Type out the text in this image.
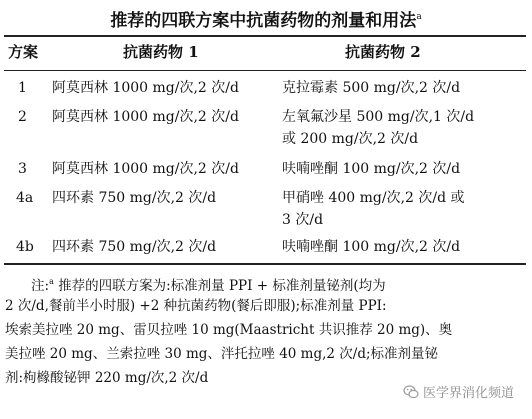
推荐的四联方案中抗菌药物的剂量和用法$^a$
方案	抗菌药物 1	抗菌药物 2
1 阿莫西林 1000 mg/次,2 次/d	克拉霉素 500 mg/次,2 次/d
2 阿莫西林 1000 mg/次,2 次/d	左氧氟沙星 500 mg/次,1 次/d
或 200 mg/次,2 次/d
3 阿莫西林 1000 mg/次,2 次/d	呋喃唑酮 100 mg/次,2 次/d
4a 四环素 750 mg/次,2 次/d	甲硝唑 400 mg/次,2 次/d 或
3 次/d
4b 四环素 750 mg/次,2 次/d	呋喃唑酮 100 mg/次,2 次/d
注:$^a$ 推荐的四联方案为:标准剂量 PPI + 标准剂量铋剂(均为
2 次/d,餐前半小时服) +2 种抗菌药物(餐后即服);标准剂量 PPI:
埃索美拉唑 20 mg、雷贝拉唑 10 mg(Maastricht 共识推荐 20 mg)、奥
美拉唑 20 mg、兰索拉唑 30 mg、泮托拉唑 40 mg,2 次/d;标准剂量铋
剂:枸橼酸铋钾 220 mg/次,2 次/d
医学界消化频道
